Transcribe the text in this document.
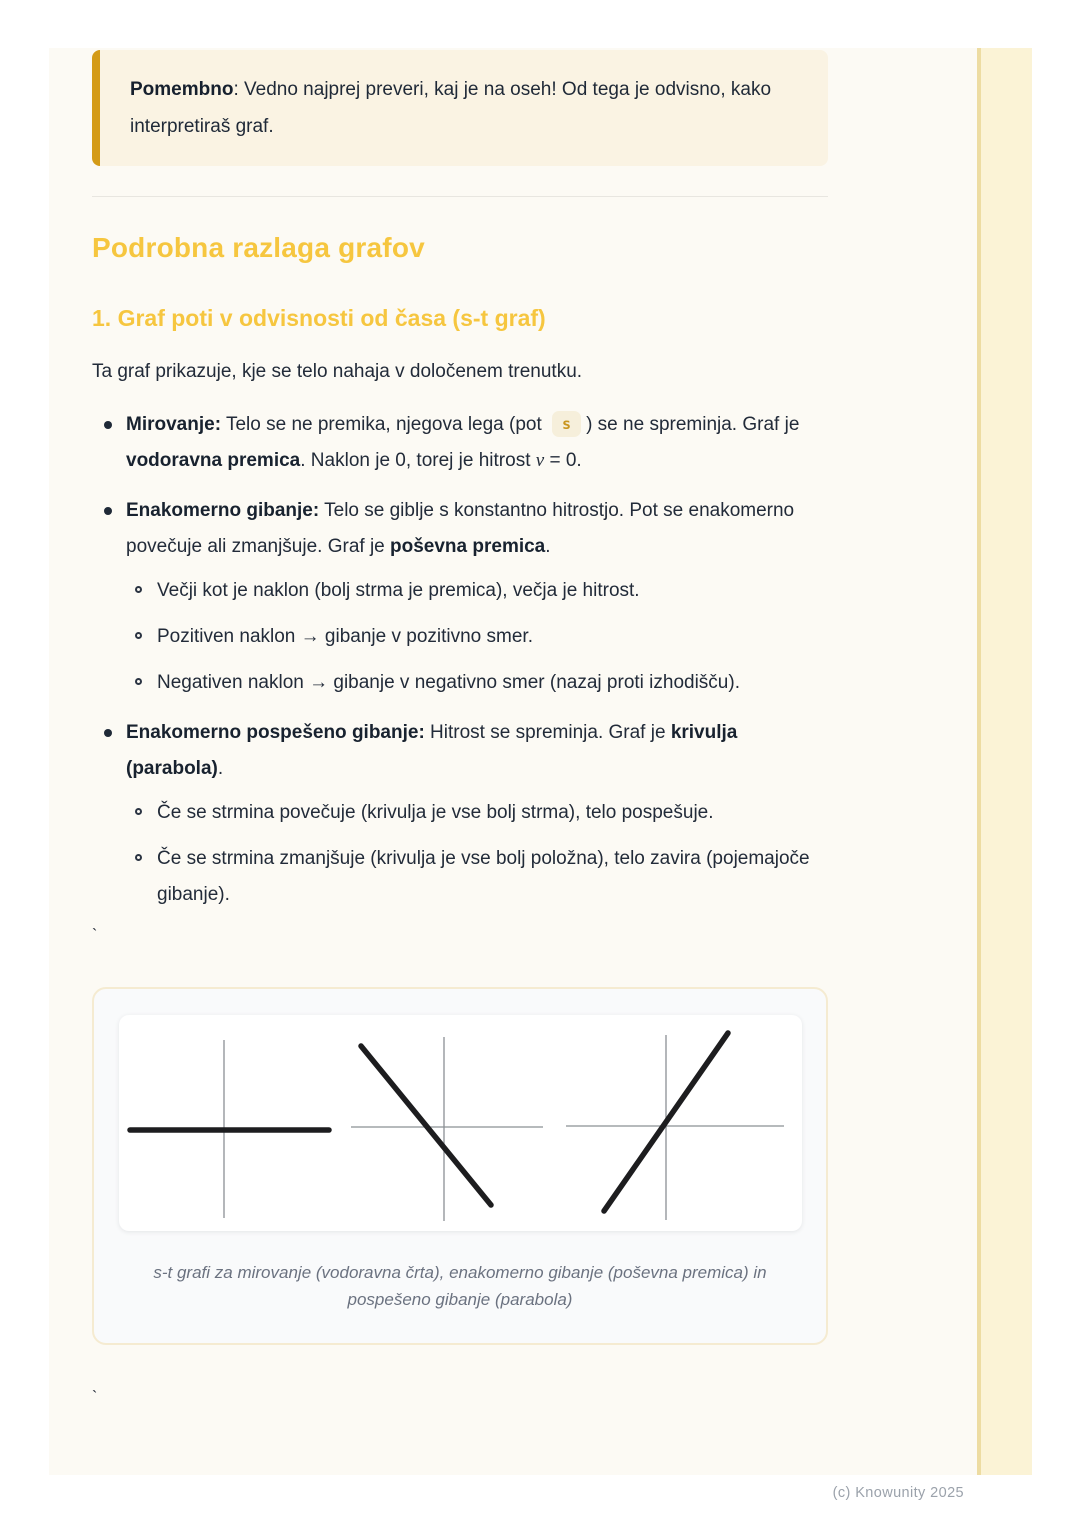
Pomembno: Vedno najprej preveri, kaj je na oseh! Od tega je odvisno, kako interpretiraš graf.
Podrobna razlaga grafov
1. Graf poti v odvisnosti od časa (s-t graf)

Ta graf prikazuje, kje se telo nahaja v določenem trenutku.

Mirovanje: Telo se ne premika, njegova lega (pot s ) se ne spreminja. Graf je vodoravna premica. Naklon je 0, torej je hitrost v = 0.
Enakomerno gibanje: Telo se giblje s konstantno hitrostjo. Pot se enakomerno povečuje ali zmanjšuje. Graf je poševna premica.
Večji kot je naklon (bolj strma je premica), večja je hitrost.
Pozitiven naklon → gibanje v pozitivno smer.
Negativen naklon → gibanje v negativno smer (nazaj proti izhodišču).
Enakomerno pospešeno gibanje: Hitrost se spreminja. Graf je krivulja (parabola).
Če se strmina povečuje (krivulja je vse bolj strma), telo pospešuje.
Če se strmina zmanjšuje (krivulja je vse bolj položna), telo zavira (pojemajoče gibanje).
`
s-t grafi za mirovanje (vodoravna črta), enakomerno gibanje (poševna premica) in pospešeno gibanje (parabola)
`
(c) Knowunity 2025
